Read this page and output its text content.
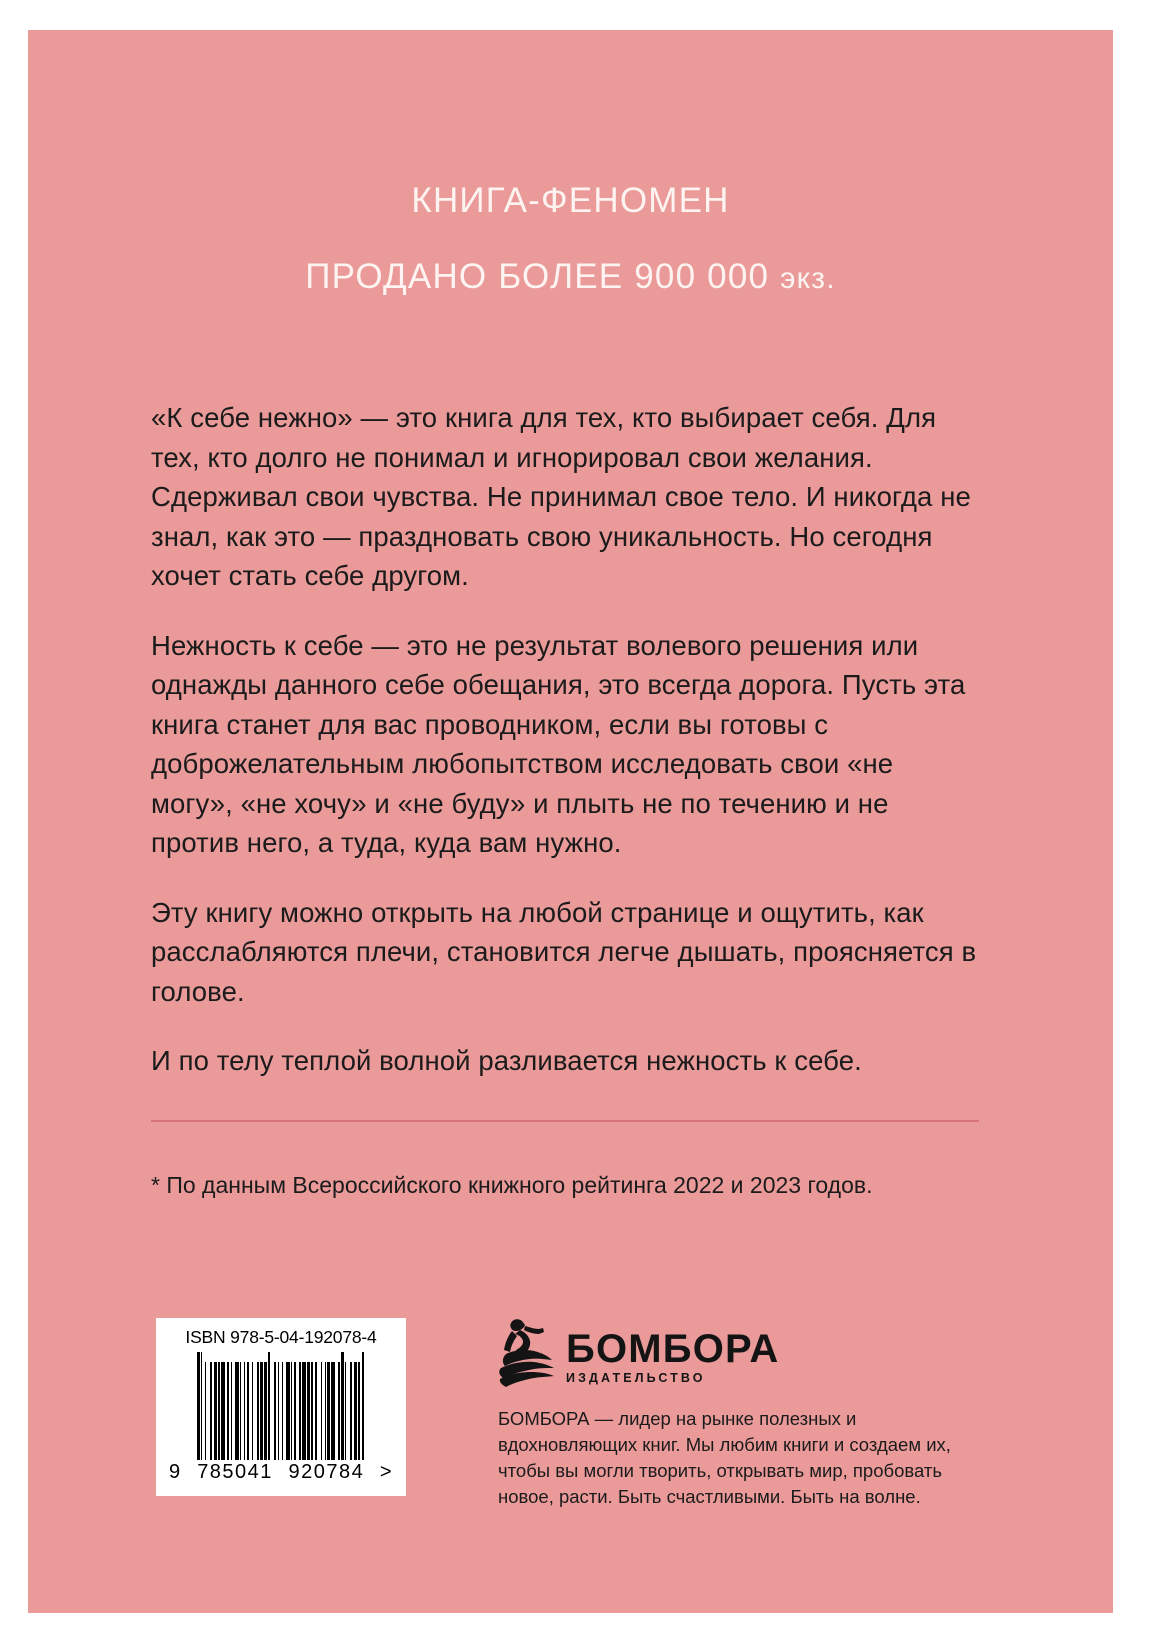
КНИГА-ФЕНОМЕН
ПРОДАНО БОЛЕЕ 900 000 экз.

«К себе нежно» — это книга для тех, кто выбирает себя. Для тех, кто долго не понимал и игнорировал свои желания. Сдерживал свои чувства. Не принимал свое тело. И никогда не знал, как это — праздновать свою уникальность. Но сегодня хочет стать себе другом.

Нежность к себе — это не результат волевого решения или однажды данного себе обещания, это всегда дорога. Пусть эта книга станет для вас проводником, если вы готовы с доброжелательным любопытством исследовать свои «не могу», «не хочу» и «не буду» и плыть не по течению и не против него, а туда, куда вам нужно.

Эту книгу можно открыть на любой странице и ощутить, как расслабляются плечи, становится легче дышать, проясняется в голове.

И по телу теплой волной разливается нежность к себе.

* По данным Всероссийского книжного рейтинга 2022 и 2023 годов.
ISBN 978-5-04-192078-4
9 785041 920784 >
БОМБОРА
ИЗДАТЕЛЬСТВО
БОМБОРА — лидер на рынке полезных и вдохновляющих книг. Мы любим книги и создаем их, чтобы вы могли творить, открывать мир, пробовать новое, расти. Быть счастливыми. Быть на волне.
